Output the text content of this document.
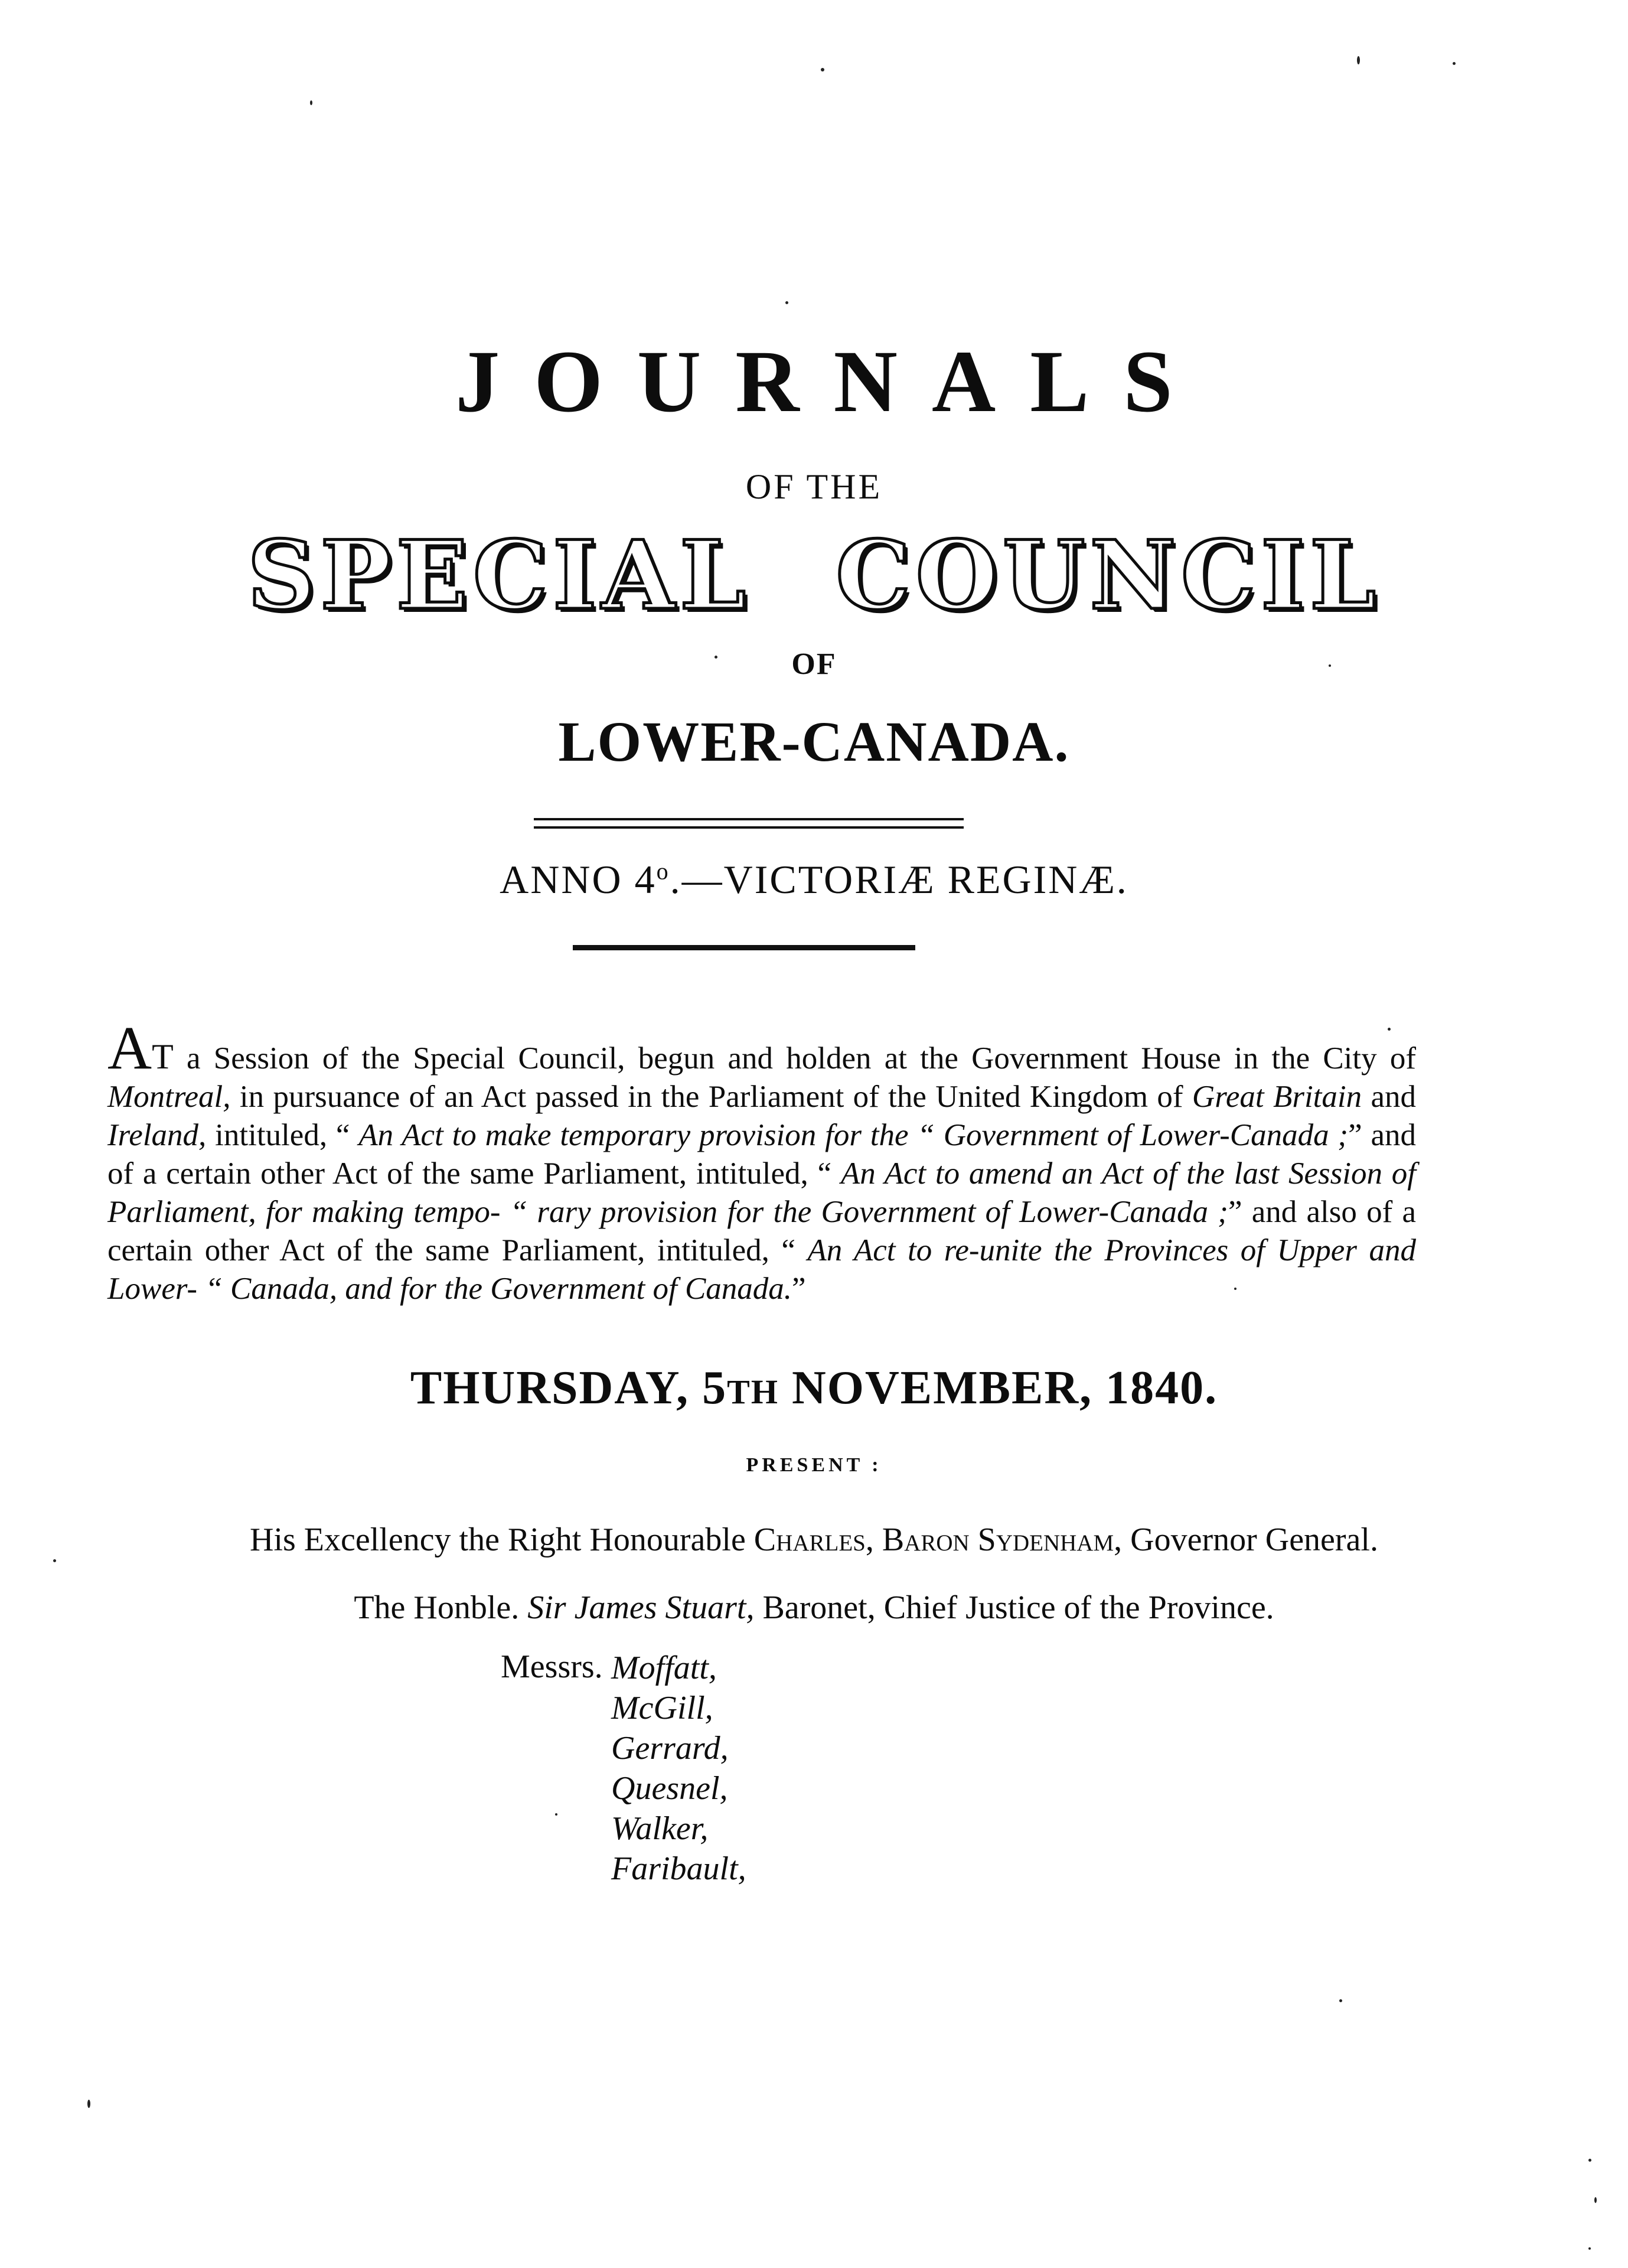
JOURNALS
OF THE
SPECIAL COUNCIL
OF
LOWER-CANADA.
ANNO 4$^o$.—VICTORIÆ REGINÆ.
AT a Session of the Special Council, begun and holden at the Government House in the City of Montreal, in pursuance of an Act passed in the Parliament of the United Kingdom of Great Britain and Ireland, intituled, “ An Act to make temporary provision for the “ Government of Lower-Canada ;” and of a certain other Act of the same Parliament, intituled, “ An Act to amend an Act of the last Session of Parliament, for making tempo- “ rary provision for the Government of Lower-Canada ;” and also of a certain other Act of the same Parliament, intituled, “ An Act to re-unite the Provinces of Upper and Lower- “ Canada, and for the Government of Canada.”
THURSDAY, 5TH NOVEMBER, 1840.
PRESENT :
His Excellency the Right Honourable Charles, Baron Sydenham, Governor General.
The Honble. Sir James Stuart, Baronet, Chief Justice of the Province.
Messrs. Moffatt,
McGill,
Gerrard,
Quesnel,
Walker,
Faribault,
